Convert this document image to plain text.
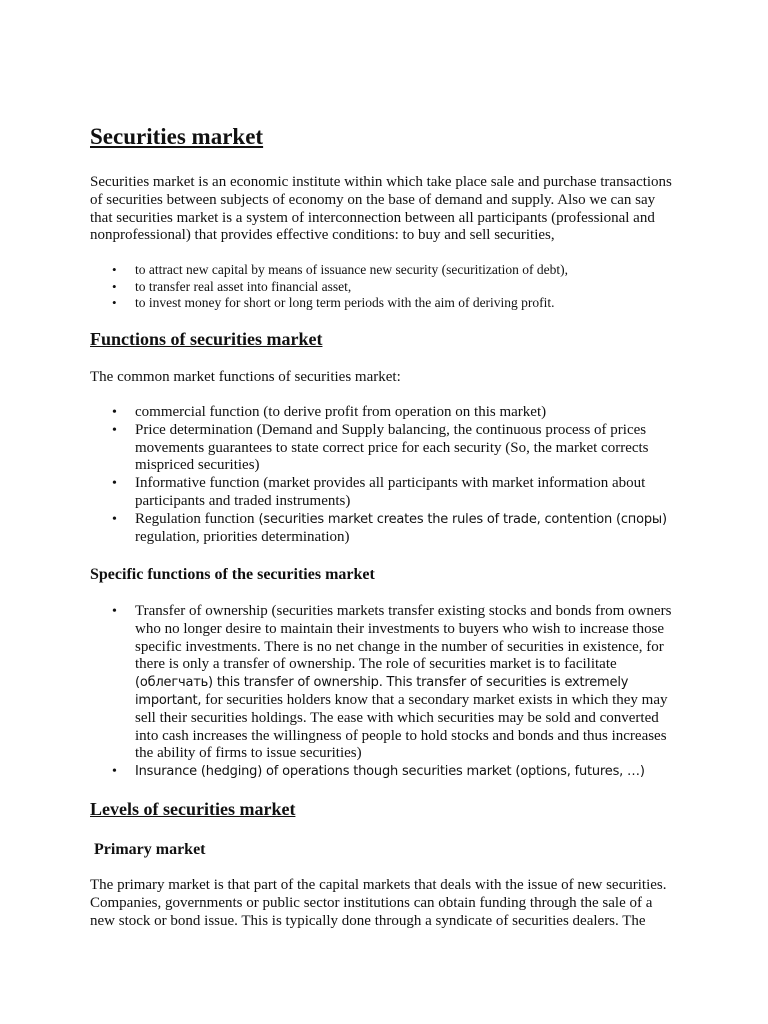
Securities market

Securities market is an economic institute within which take place sale and purchase transactions of securities between subjects of economy on the base of demand and supply. Also we can say that securities market is a system of interconnection between all participants (professional and nonprofessional) that provides effective conditions: to buy and sell securities,

• to attract new capital by means of issuance new security (securitization of debt),
• to transfer real asset into financial asset,
• to invest money for short or long term periods with the aim of deriving profit.
Functions of securities market

The common market functions of securities market:

• commercial function (to derive profit from operation on this market)
• Price determination (Demand and Supply balancing, the continuous process of prices movements guarantees to state correct price for each security (So, the market corrects mispriced securities)
• Informative function (market provides all participants with market information about participants and traded instruments)
• Regulation function (securities market creates the rules of trade, contention (споры)
regulation, priorities determination)
Specific functions of the securities market
• Transfer of ownership (securities markets transfer existing stocks and bonds from owners who no longer desire to maintain their investments to buyers who wish to increase those specific investments. There is no net change in the number of securities in existence, for there is only a transfer of ownership. The role of securities market is to facilitate (облегчать) this transfer of ownership. This transfer of securities is extremely important, for securities holders know that a secondary market exists in which they may sell their securities holdings. The ease with which securities may be sold and converted into cash increases the willingness of people to hold stocks and bonds and thus increases the ability of firms to issue securities)
• Insurance (hedging) of operations though securities market (options, futures, …)
Levels of securities market
Primary market

The primary market is that part of the capital markets that deals with the issue of new securities. Companies, governments or public sector institutions can obtain funding through the sale of a new stock or bond issue. This is typically done through a syndicate of securities dealers. The
